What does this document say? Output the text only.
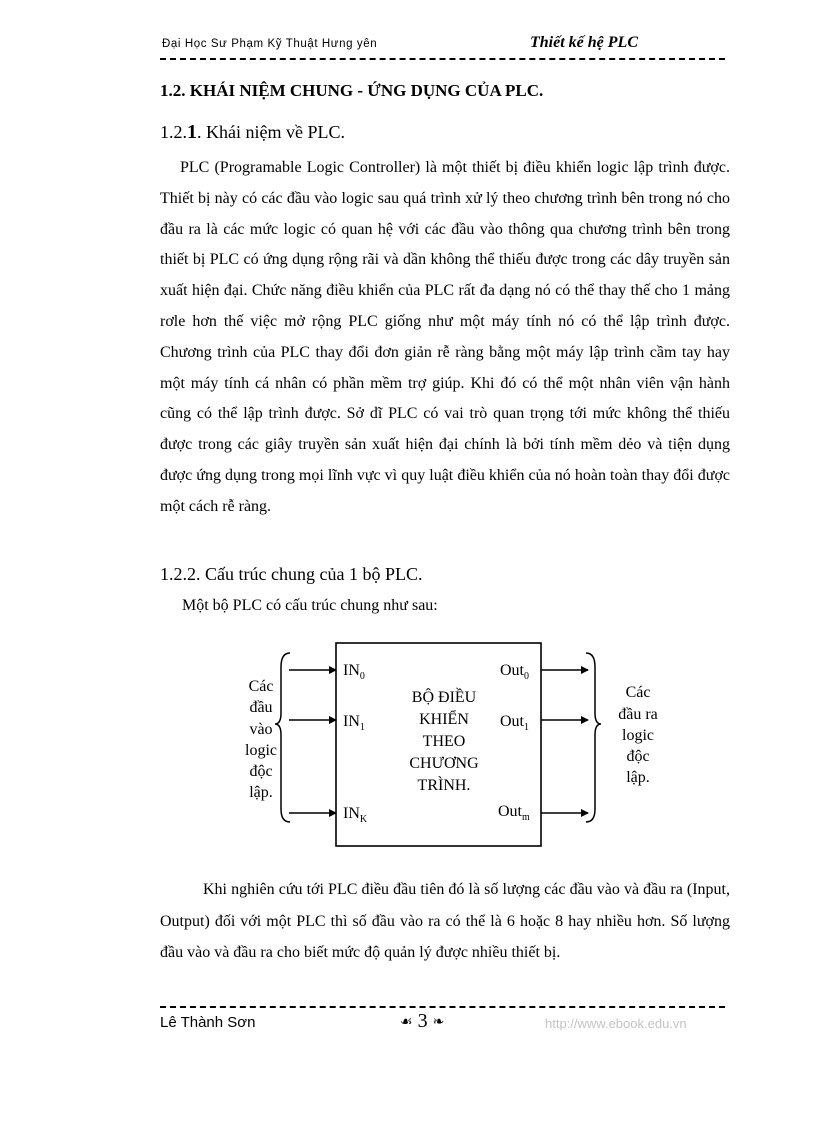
Đại Học Sư Phạm Kỹ Thuật Hưng yên	Thiết kế hệ PLC
1.2. KHÁI NIỆM CHUNG - ỨNG DỤNG CỦA PLC.
1.2.1. Khái niệm về PLC.

PLC (Programable Logic Controller) là một thiết bị điều khiển logic lập trình được. Thiết bị này có các đầu vào logic sau quá trình xử lý theo chương trình bên trong nó cho đầu ra là các mức logic có quan hệ với các đầu vào thông qua chương trình bên trong thiết bị PLC có ứng dụng rộng rãi và dần không thể thiếu được trong các dây truyền sản xuất hiện đại. Chức năng điều khiển của PLC rất đa dạng nó có thể thay thế cho 1 mảng rơle hơn thế việc mở rộng PLC giống như một máy tính nó có thể lập trình được. Chương trình của PLC thay đổi đơn giản rễ ràng bằng một máy lập trình cầm tay hay một máy tính cá nhân có phần mềm trợ giúp. Khi đó có thể một nhân viên vận hành cũng có thể lập trình được. Sở dĩ PLC có vai trò quan trọng tới mức không thể thiếu được trong các giây truyền sản xuất hiện đại chính là bởi tính mềm dẻo và tiện dụng được ứng dụng trong mọi lĩnh vực vì quy luật điều khiển của nó hoàn toàn thay đổi được một cách rễ ràng.

1.2.2. Cấu trúc chung của 1 bộ PLC.
Một bộ PLC có cấu trúc chung như sau:
$IN_0$
$IN_1$
$IN_K$
Out$_0$
Out$_1$
Out$_m$
BỘ ĐIỀU
KHIỂN
THEO
CHƯƠNG
TRÌNH.
Các
đầu
vào
logic
độc
lập.
Các
đầu ra
logic
độc
lập.

Khi nghiên cứu tới PLC điều đầu tiên đó là số lượng các đầu vào và đầu ra (Input, Output) đối với một PLC thì số đầu vào ra có thể là 6 hoặc 8 hay nhiều hơn. Số lượng đầu vào và đầu ra cho biết mức độ quản lý được nhiều thiết bị.

Lê Thành Sơn	☙ 3 ❧	http://www.ebook.edu.vn
